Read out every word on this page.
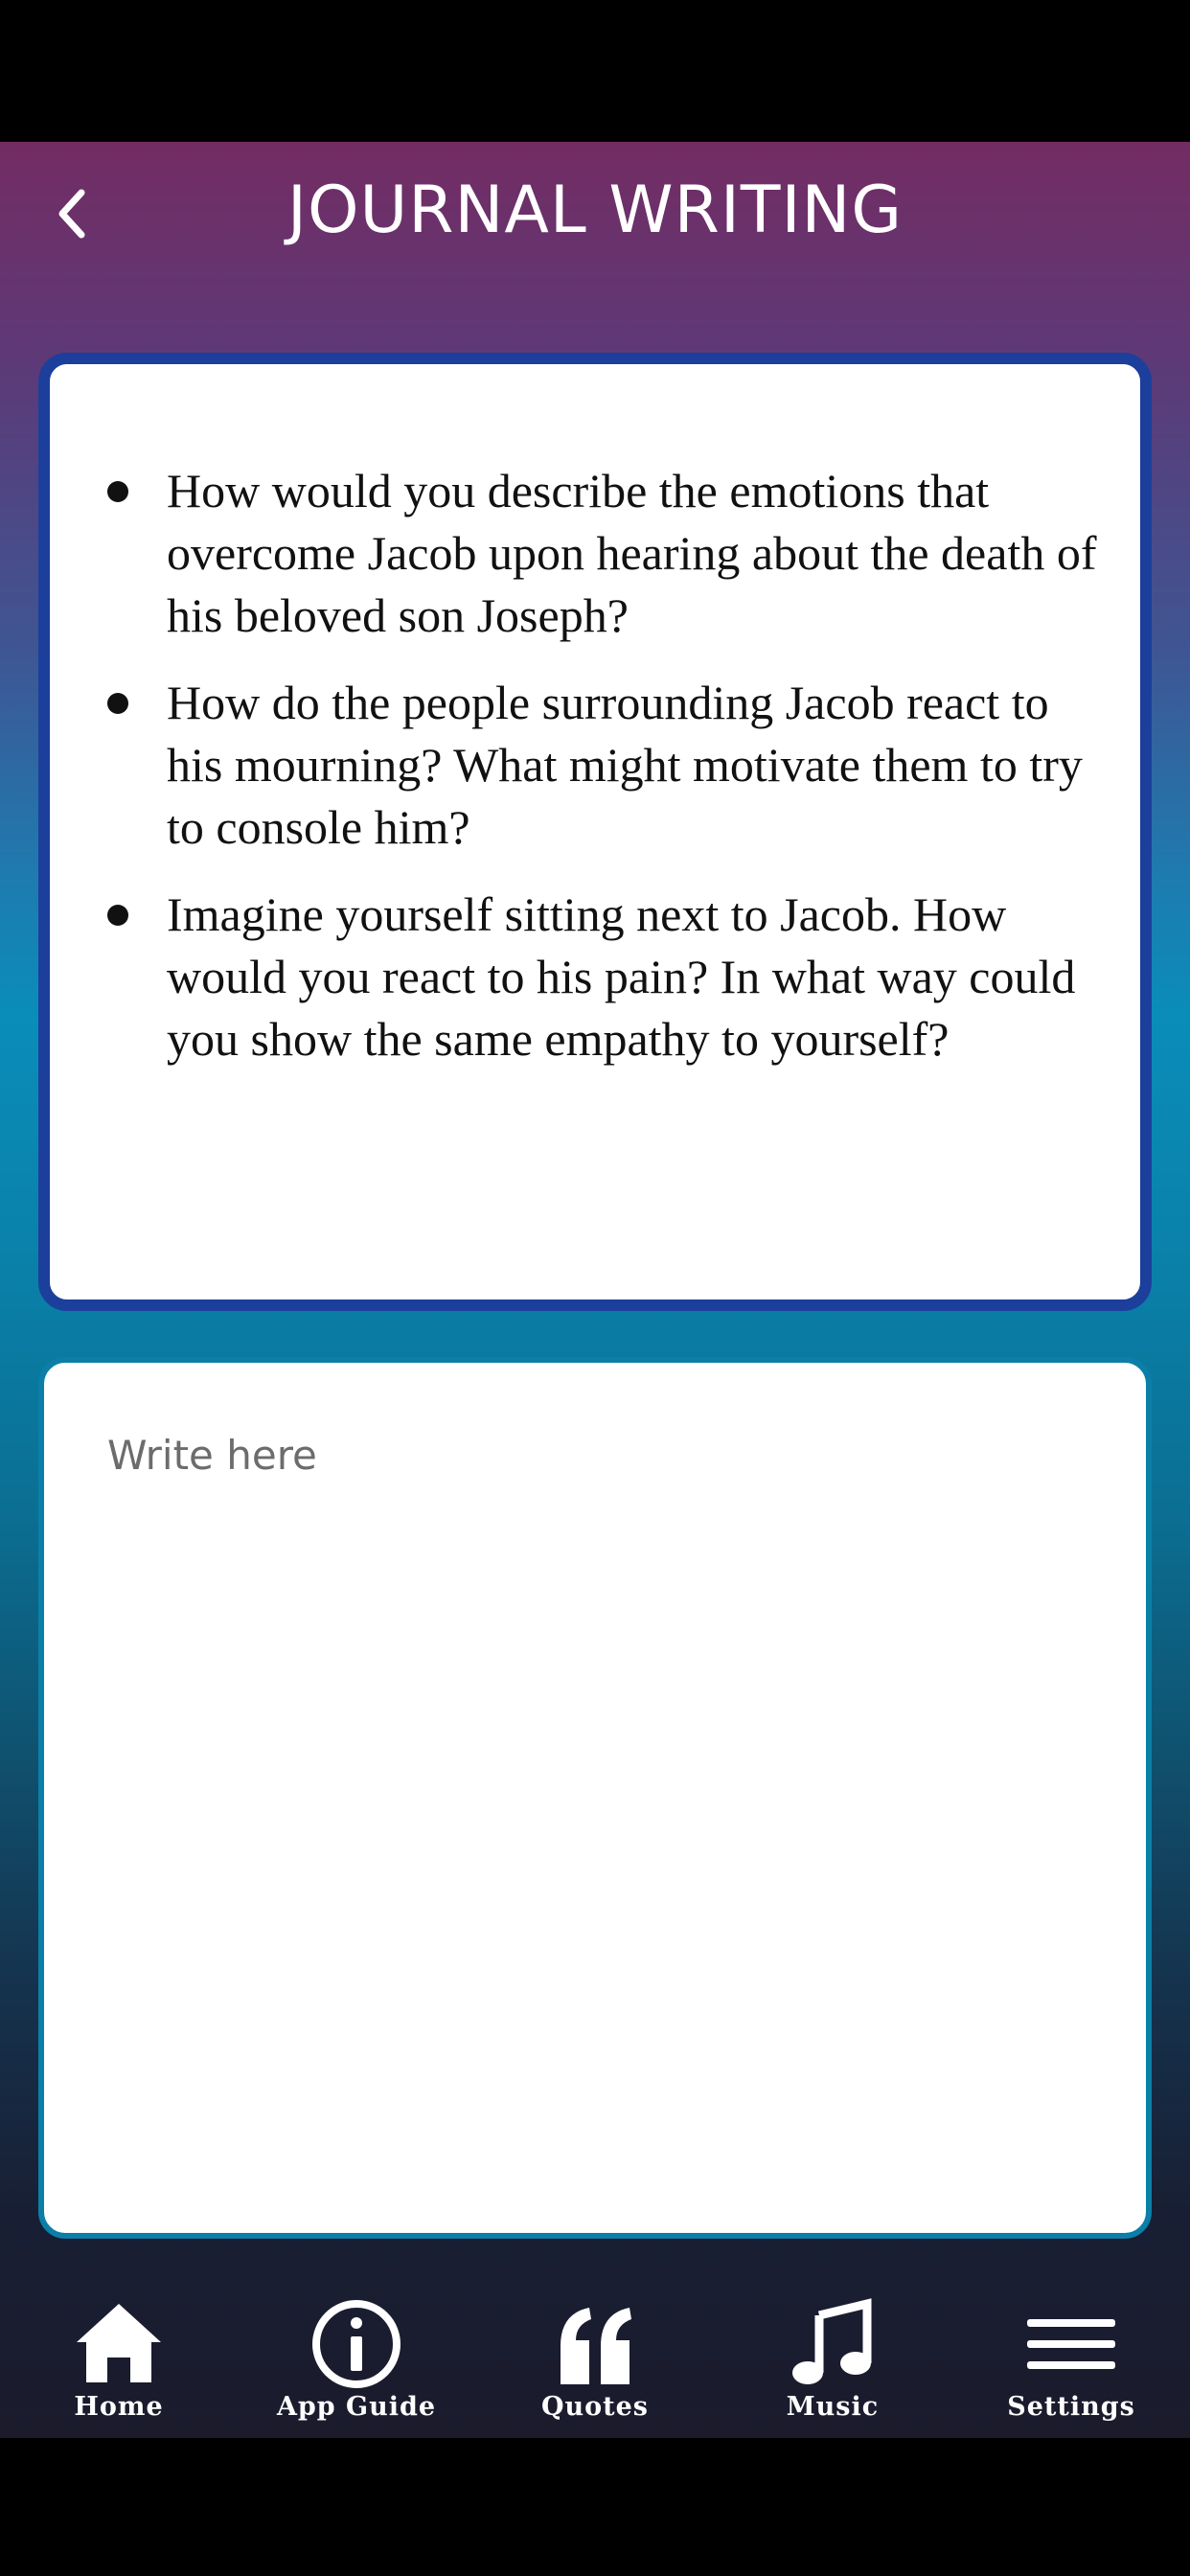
JOURNAL WRITING
How would you describe the emotions that overcome Jacob upon hearing about the death of his beloved son Joseph?
How do the people surrounding Jacob react to his mourning? What might motivate them to try to console him?
Imagine yourself sitting next to Jacob. How would you react to his pain? In what way could you show the same empathy to yourself?
Write here
Home	App Guide	Quotes	Music	Settings
